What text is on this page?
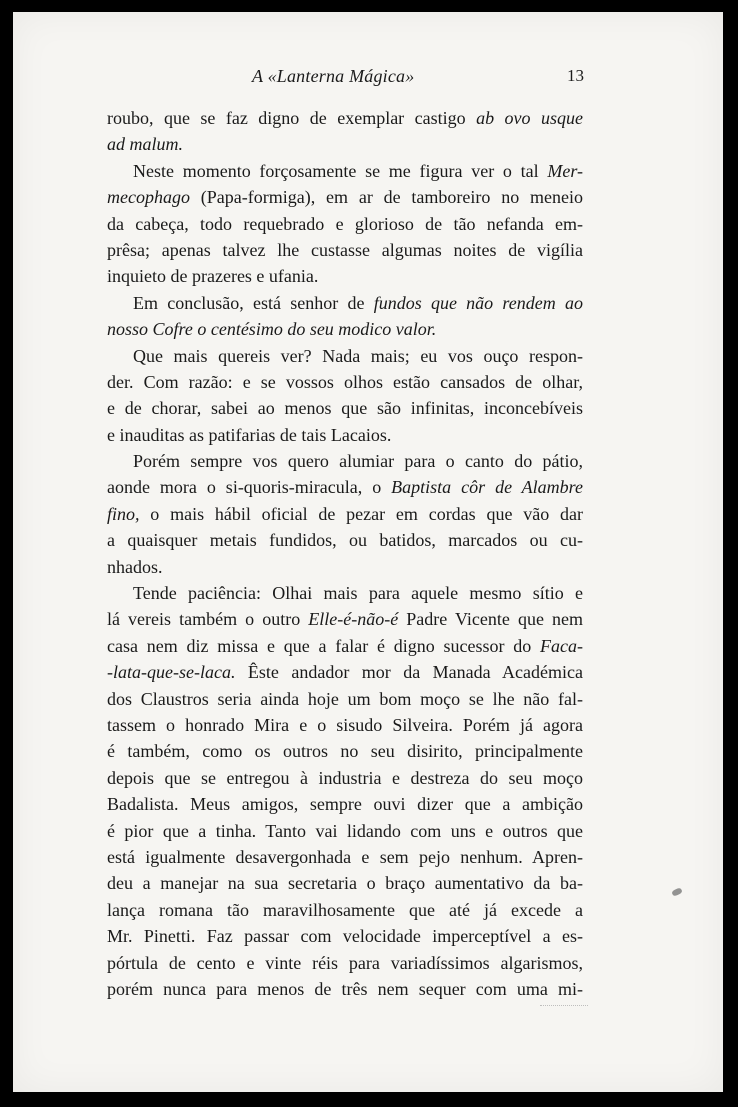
A «Lanterna Mágica»	13
roubo, que se faz digno de exemplar castigo ab ovo usque
ad malum.
Neste momento forçosamente se me figura ver o tal Mer-
mecophago (Papa-formiga), em ar de tamboreiro no meneio
da cabeça, todo requebrado e glorioso de tão nefanda em-
prêsa; apenas talvez lhe custasse algumas noites de vigília
inquieto de prazeres e ufania.
Em conclusão, está senhor de fundos que não rendem ao
nosso Cofre o centésimo do seu modico valor.
Que mais quereis ver? Nada mais; eu vos ouço respon-
der. Com razão: e se vossos olhos estão cansados de olhar,
e de chorar, sabei ao menos que são infinitas, inconcebíveis
e inauditas as patifarias de tais Lacaios.
Porém sempre vos quero alumiar para o canto do pátio,
aonde mora o si-quoris-miracula, o Baptista côr de Alambre
fino, o mais hábil oficial de pezar em cordas que vão dar
a quaisquer metais fundidos, ou batidos, marcados ou cu-
nhados.
Tende paciência: Olhai mais para aquele mesmo sítio e
lá vereis também o outro Elle-é-não-é Padre Vicente que nem
casa nem diz missa e que a falar é digno sucessor do Faca-
-lata-que-se-laca. Êste andador mor da Manada Académica
dos Claustros seria ainda hoje um bom moço se lhe não fal-
tassem o honrado Mira e o sisudo Silveira. Porém já agora
é também, como os outros no seu disirito, principalmente
depois que se entregou à industria e destreza do seu moço
Badalista. Meus amigos, sempre ouvi dizer que a ambição
é pior que a tinha. Tanto vai lidando com uns e outros que
está igualmente desavergonhada e sem pejo nenhum. Apren-
deu a manejar na sua secretaria o braço aumentativo da ba-
lança romana tão maravilhosamente que até já excede a
Mr. Pinetti. Faz passar com velocidade imperceptível a es-
pórtula de cento e vinte réis para variadíssimos algarismos,
porém nunca para menos de três nem sequer com uma mi-
